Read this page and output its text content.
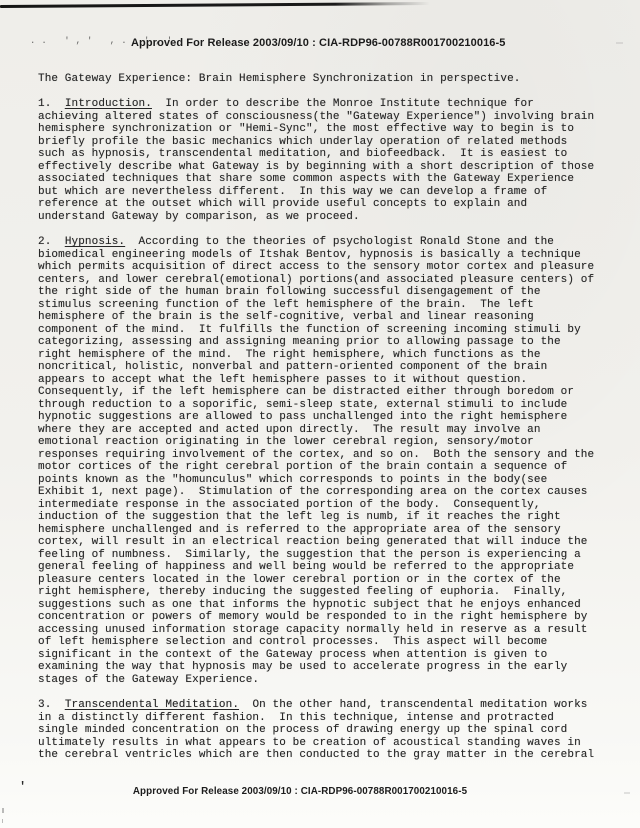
.. ',' ,. ','
Approved For Release 2003/09/10 : CIA-RDP96-00788R001700210016-5
The Gateway Experience: Brain Hemisphere Synchronization in perspective.
1.  Introduction.  In order to describe the Monroe Institute technique for
achieving altered states of consciousness(the "Gateway Experience") involving brain
hemisphere synchronization or "Hemi-Sync", the most effective way to begin is to
briefly profile the basic mechanics which underlay operation of related methods
such as hypnosis, transcendental meditation, and biofeedback.  It is easiest to
effectively describe what Gateway is by beginning with a short description of those
associated techniques that share some common aspects with the Gateway Experience
but which are nevertheless different.  In this way we can develop a frame of
reference at the outset which will provide useful concepts to explain and
understand Gateway by comparison, as we proceed.
2.  Hypnosis.  According to the theories of psychologist Ronald Stone and the
biomedical engineering models of Itshak Bentov, hypnosis is basically a technique
which permits acquisition of direct access to the sensory motor cortex and pleasure
centers, and lower cerebral(emotional) portions(and associated pleasure centers) of
the right side of the human brain following successful disengagement of the
stimulus screening function of the left hemisphere of the brain.  The left
hemisphere of the brain is the self-cognitive, verbal and linear reasoning
component of the mind.  It fulfills the function of screening incoming stimuli by
categorizing, assessing and assigning meaning prior to allowing passage to the
right hemisphere of the mind.  The right hemisphere, which functions as the
noncritical, holistic, nonverbal and pattern-oriented component of the brain
appears to accept what the left hemisphere passes to it without question.
Consequently, if the left hemisphere can be distracted either through boredom or
through reduction to a soporific, semi-sleep state, external stimuli to include
hypnotic suggestions are allowed to pass unchallenged into the right hemisphere
where they are accepted and acted upon directly.  The result may involve an
emotional reaction originating in the lower cerebral region, sensory/motor
responses requiring involvement of the cortex, and so on.  Both the sensory and the
motor cortices of the right cerebral portion of the brain contain a sequence of
points known as the "homunculus" which corresponds to points in the body(see
Exhibit 1, next page).  Stimulation of the corresponding area on the cortex causes
intermediate response in the associated portion of the body.  Consequently,
induction of the suggestion that the left leg is numb, if it reaches the right
hemisphere unchallenged and is referred to the appropriate area of the sensory
cortex, will result in an electrical reaction being generated that will induce the
feeling of numbness.  Similarly, the suggestion that the person is experiencing a
general feeling of happiness and well being would be referred to the appropriate
pleasure centers located in the lower cerebral portion or in the cortex of the
right hemisphere, thereby inducing the suggested feeling of euphoria.  Finally,
suggestions such as one that informs the hypnotic subject that he enjoys enhanced
concentration or powers of memory would be responded to in the right hemisphere by
accessing unused information storage capacity normally held in reserve as a result
of left hemisphere selection and control processes.  This aspect will become
significant in the context of the Gateway process when attention is given to
examining the way that hypnosis may be used to accelerate progress in the early
stages of the Gateway Experience.
3.  Transcendental Meditation.  On the other hand, transcendental meditation works
in a distinctly different fashion.  In this technique, intense and protracted
single minded concentration on the process of drawing energy up the spinal cord
ultimately results in what appears to be creation of acoustical standing waves in
the cerebral ventricles which are then conducted to the gray matter in the cerebral
Approved For Release 2003/09/10 : CIA-RDP96-00788R001700210016-5
'
